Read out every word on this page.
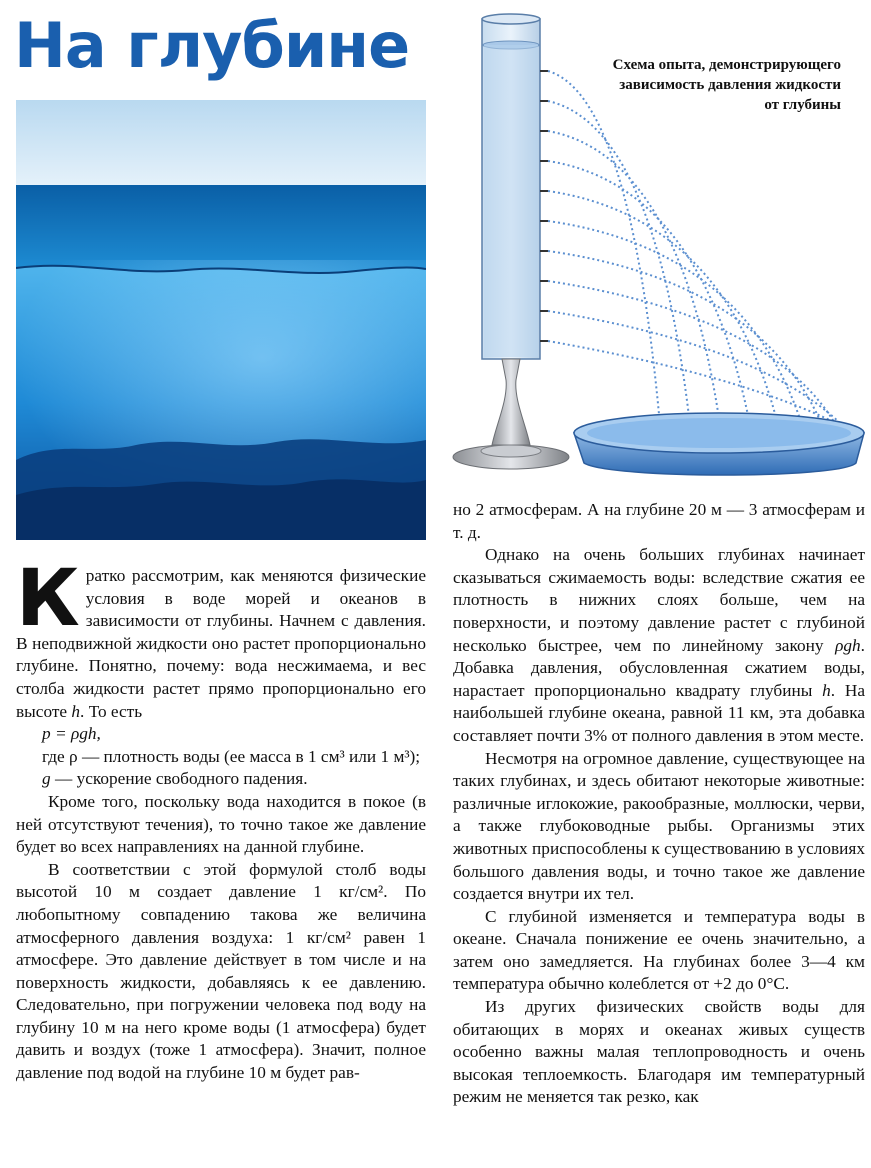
На глубине	Схема опыта, демонстрирующего зависимость давления жидкости от глубины

Кратко рассмотрим, как меняются физические условия в воде морей и океанов в зависимости от глубины. Начнем с давления. В неподвижной жидкости оно растет пропорционально глубине. Понятно, почему: вода несжимаема, и вес столба жидкости растет прямо пропорционально его высоте h. То есть

p = ρgh,

где ρ — плотность воды (ее масса в 1 см³ или 1 м³);

g — ускорение свободного падения.

Кроме того, поскольку вода находится в покое (в ней отсутствуют течения), то точно такое же давление будет во всех направлениях на данной глубине.

В соответствии с этой формулой столб воды высотой 10 м создает давление 1 кг/см². По любопытному совпадению такова же величина атмосферного давления воздуха: 1 кг/см² равен 1 атмосфере. Это давление действует в том числе и на поверхность жидкости, добавляясь к ее давлению. Следовательно, при погружении человека под воду на глубину 10 м на него кроме воды (1 атмосфера) будет давить и воздух (тоже 1 атмосфера). Значит, полное давление под водой на глубине 10 м будет рав-

но 2 атмосферам. А на глубине 20 м — 3 атмосферам и т. д.

Однако на очень больших глубинах начинает сказываться сжимаемость воды: вследствие сжатия ее плотность в нижних слоях больше, чем на поверхности, и поэтому давление растет с глубиной несколько быстрее, чем по линейному закону ρgh. Добавка давления, обусловленная сжатием воды, нарастает пропорционально квадрату глубины h. На наибольшей глубине океана, равной 11 км, эта добавка составляет почти 3% от полного давления в этом месте.

Несмотря на огромное давление, существующее на таких глубинах, и здесь обитают некоторые животные: различные иглокожие, ракообразные, моллюски, черви, а также глубоководные рыбы. Организмы этих животных приспособлены к существованию в условиях большого давления воды, и точно такое же давление создается внутри их тел.

С глубиной изменяется и температура воды в океане. Сначала понижение ее очень значительно, а затем оно замедляется. На глубинах более 3—4 км температура обычно колеблется от +2 до 0°С.

Из других физических свойств воды для обитающих в морях и океанах живых существ особенно важны малая теплопроводность и очень высокая теплоемкость. Благодаря им температурный режим не меняется так резко, как
